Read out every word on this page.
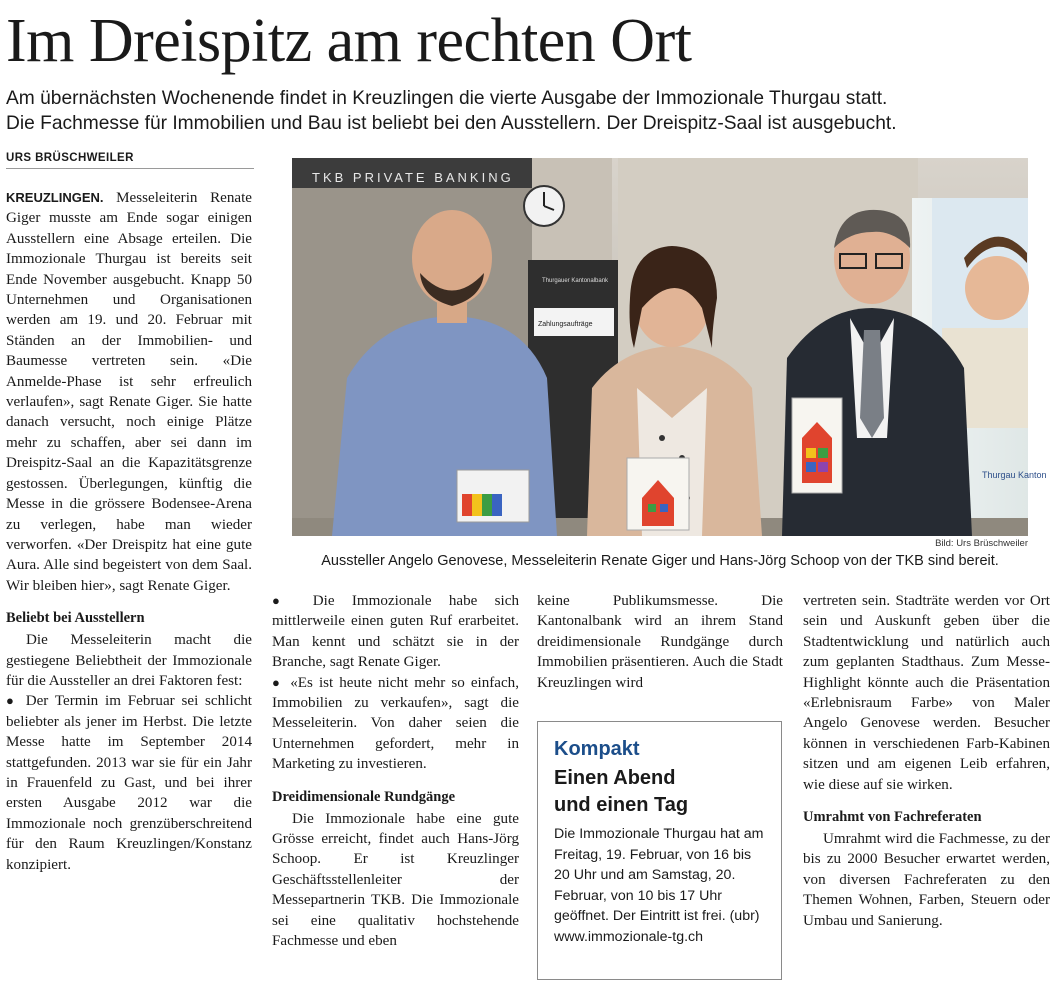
Im Dreispitz am rechten Ort
Am übernächsten Wochenende findet in Kreuzlingen die vierte Ausgabe der Immozionale Thurgau statt.
Die Fachmesse für Immobilien und Bau ist beliebt bei den Ausstellern. Der Dreispitz-Saal ist ausgebucht.
URS BRÜSCHWEILER

KREUZLINGEN. Messeleiterin Renate Giger musste am Ende sogar einigen Ausstellern eine Absage erteilen. Die Immozionale Thurgau ist bereits seit Ende November ausgebucht. Knapp 50 Unternehmen und Organisationen werden am 19. und 20. Februar mit Ständen an der Immobilien- und Baumesse vertreten sein. «Die Anmelde-Phase ist sehr erfreulich verlaufen», sagt Renate Giger. Sie hatte danach versucht, noch einige Plätze mehr zu schaffen, aber sei dann im Dreispitz-Saal an die Kapazitätsgrenze gestossen. Überlegungen, künftig die Messe in die grössere Bodensee-Arena zu verlegen, habe man wieder verworfen. «Der Dreispitz hat eine gute Aura. Alle sind begeistert von dem Saal. Wir bleiben hier», sagt Renate Giger.

Beliebt bei Ausstellern

Die Messeleiterin macht die gestiegene Beliebtheit der Immozionale für die Aussteller an drei Faktoren fest:

● Der Termin im Februar sei schlicht beliebter als jener im Herbst. Die letzte Messe hatte im September 2014 stattgefunden. 2013 war sie für ein Jahr in Frauenfeld zu Gast, und bei ihrer ersten Ausgabe 2012 war die Immozionale noch grenzüberschreitend für den Raum Kreuzlingen/Konstanz konzipiert.

TKB PRIVATE BANKING
Thurgauer Kantonalbank
Zahlungsaufträge
Thurgau Kanton
Bild: Urs Brüschweiler
Aussteller Angelo Genovese, Messeleiterin Renate Giger und Hans-Jörg Schoop von der TKB sind bereit.

● Die Immozionale habe sich mittlerweile einen guten Ruf erarbeitet. Man kennt und schätzt sie in der Branche, sagt Renate Giger.

● «Es ist heute nicht mehr so einfach, Immobilien zu verkaufen», sagt die Messeleiterin. Von daher seien die Unternehmen gefordert, mehr in Marketing zu investieren.

Dreidimensionale Rundgänge

Die Immozionale habe eine gute Grösse erreicht, findet auch Hans-Jörg Schoop. Er ist Kreuzlinger Geschäftsstellenleiter der Messepartnerin TKB. Die Immozionale sei eine qualitativ hochstehende Fachmesse und eben

keine Publikumsmesse. Die Kantonalbank wird an ihrem Stand dreidimensionale Rundgänge durch Immobilien präsentieren. Auch die Stadt Kreuzlingen wird

Kompakt
Einen Abend
und einen Tag

Die Immozionale Thurgau hat am Freitag, 19. Februar, von 16 bis 20 Uhr und am Samstag, 20. Februar, von 10 bis 17 Uhr geöffnet. Der Eintritt ist frei. (ubr)

www.immozionale-tg.ch

vertreten sein. Stadträte werden vor Ort sein und Auskunft geben über die Stadtentwicklung und natürlich auch zum geplanten Stadthaus. Zum Messe-Highlight könnte auch die Präsentation «Erlebnisraum Farbe» von Maler Angelo Genovese werden. Besucher können in verschiedenen Farb-Kabinen sitzen und am eigenen Leib erfahren, wie diese auf sie wirken.

Umrahmt von Fachreferaten

Umrahmt wird die Fachmesse, zu der bis zu 2000 Besucher erwartet werden, von diversen Fachreferaten zu den Themen Wohnen, Farben, Steuern oder Umbau und Sanierung.
